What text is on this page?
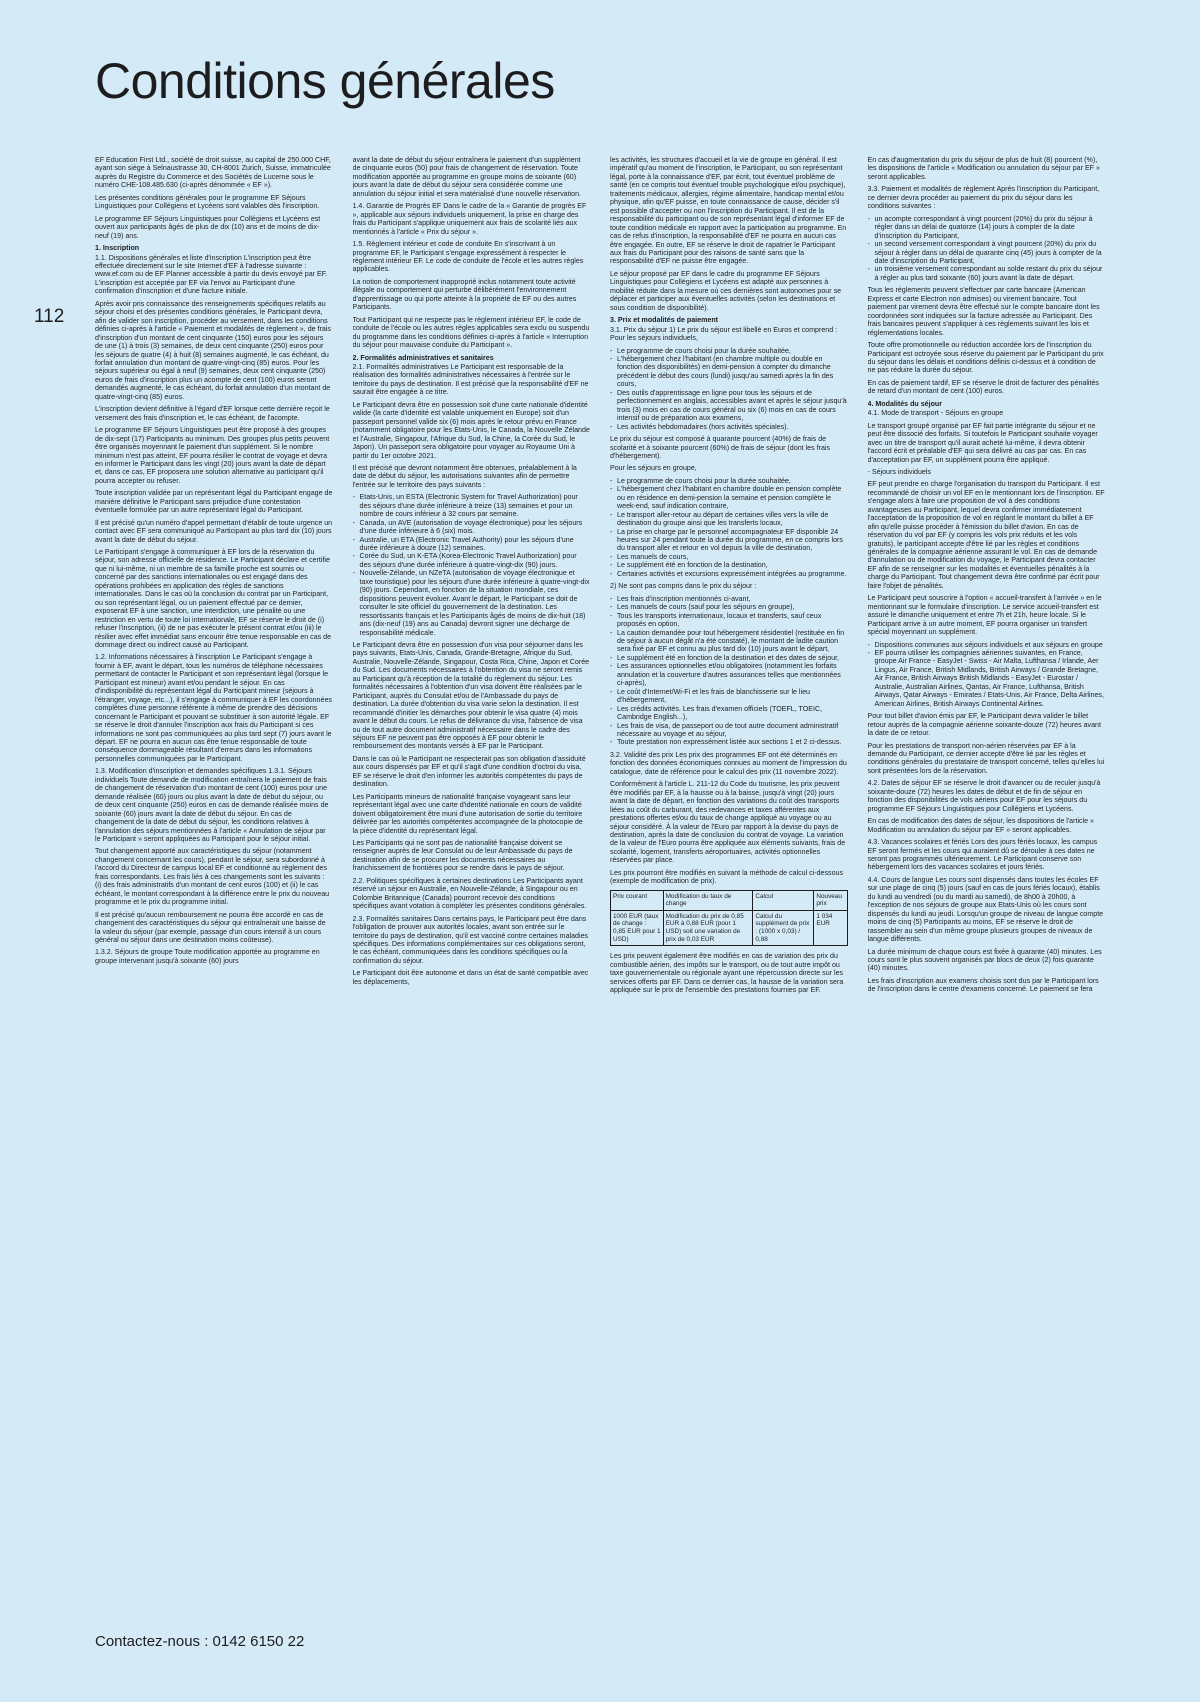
Conditions générales
112

EF Education First Ltd., société de droit suisse, au capital de 250.000 CHF, ayant son siège à Selnaustrasse 30, CH-8001 Zurich, Suisse, immatriculée auprès du Registre du Commerce et des Sociétés de Lucerne sous le numéro CHE-108.485.630 (ci-après dénommée « EF »).

Les présentes conditions générales pour le programme EF Séjours Linguistiques pour Collégiens et Lycéens sont valables dès l'inscription.

Le programme EF Séjours Linguistiques pour Collégiens et Lycéens est ouvert aux participants âgés de plus de dix (10) ans et de moins de dix-neuf (19) ans.

1. Inscription

1.1. Dispositions générales et liste d'inscription L'inscription peut être effectuée directement sur le site Internet d'EF à l'adresse suivante : www.ef.com ou de EF Planner accessible à partir du devis envoyé par EF. L'inscription est acceptée par EF via l'envoi au Participant d'une confirmation d'inscription et d'une facture initiale.

Après avoir pris connaissance des renseignements spécifiques relatifs au séjour choisi et des présentes conditions générales, le Participant devra, afin de valider son inscription, procéder au versement, dans les conditions définies ci-après à l'article « Paiement et modalités de règlement », de frais d'inscription d'un montant de cent cinquante (150) euros pour les séjours de une (1) à trois (3) semaines, de deux cent cinquante (250) euros pour les séjours de quatre (4) à huit (8) semaines augmenté, le cas échéant, du forfait annulation d'un montant de quatre-vingt-cinq (85) euros. Pour les séjours supérieur ou égal à neuf (9) semaines, deux cent cinquante (250) euros de frais d'inscription plus un acompte de cent (100) euros seront demandés augmenté, le cas échéant, du forfait annulation d'un montant de quatre-vingt-cinq (85) euros.

L'inscription devient définitive à l'égard d'EF lorsque cette dernière reçoit le versement des frais d'inscription et, le cas échéant, de l'acompte.

Le programme EF Séjours Linguistiques peut être proposé à des groupes de dix-sept (17) Participants au minimum. Des groupes plus petits peuvent être organisés moyennant le paiement d'un supplément. Si le nombre minimum n'est pas atteint, EF pourra résilier le contrat de voyage et devra en informer le Participant dans les vingt (20) jours avant la date de départ et, dans ce cas, EF proposera une solution alternative au participant qu'il pourra accepter ou refuser.

Toute inscription validée par un représentant légal du Participant engage de manière définitive le Participant sans préjudice d'une contestation éventuelle formulée par un autre représentant légal du Participant.

Il est précisé qu'un numéro d'appel permettant d'établir de toute urgence un contact avec EF sera communiqué au Participant au plus tard dix (10) jours avant la date de début du séjour.

Le Participant s'engage à communiquer à EF lors de la réservation du séjour, son adresse officielle de résidence. Le Participant déclare et certifie que ni lui-même, ni un membre de sa famille proche est soumis ou concerné par des sanctions internationales ou est engagé dans des opérations prohibées en application des règles de sanctions internationales. Dans le cas où la conclusion du contrat par un Participant, ou son représentant légal, ou un paiement effectué par ce dernier, exposerait EF à une sanction, une interdiction, une pénalité ou une restriction en vertu de toute loi internationale, EF se réserve le droit de (i) refuser l'inscription, (ii) de ne pas exécuter le présent contrat et/ou (iii) le résilier avec effet immédiat sans encourir être tenue responsable en cas de dommage direct ou indirect causé au Participant.

1.2. Informations nécessaires à l'inscription Le Participant s'engage à fournir à EF, avant le départ, tous les numéros de téléphone nécessaires permettant de contacter le Participant et son représentant légal (lorsque le Participant est mineur) avant et/ou pendant le séjour. En cas d'indisponibilité du représentant légal du Participant mineur (séjours à l'étranger, voyage, etc...), il s'engage à communiquer à EF les coordonnées complètes d'une personne référente à même de prendre des décisions concernant le Participant et pouvant se substituer à son autorité légale. EF se réserve le droit d'annuler l'inscription aux frais du Participant si ces informations ne sont pas communiquées au plus tard sept (7) jours avant le départ. EF ne pourra en aucun cas être tenue responsable de toute conséquence dommageable résultant d'erreurs dans les informations personnelles communiquées par le Participant.

1.3. Modification d'inscription et demandes spécifiques 1.3.1. Séjours individuels Toute demande de modification entraînera le paiement de frais de changement de réservation d'un montant de cent (100) euros pour une demande réalisée (60) jours ou plus avant la date de début du séjour, ou de deux cent cinquante (250) euros en cas de demande réalisée moins de soixante (60) jours avant la date de début du séjour. En cas de changement de la date de début du séjour, les conditions relatives à l'annulation des séjours mentionnées à l'article « Annulation de séjour par le Participant » seront appliquées au Participant pour le séjour initial.

Tout changement apporté aux caractéristiques du séjour (notamment changement concernant les cours), pendant le séjour, sera subordonné à l'accord du Directeur de campus local EF et conditionné au règlement des frais correspondants. Les frais liés à ces changements sont les suivants : (i) des frais administratifs d'un montant de cent euros (100) et (ii) le cas échéant, le montant correspondant à la différence entre le prix du nouveau programme et le prix du programme initial.

Il est précisé qu'aucun remboursement ne pourra être accordé en cas de changement des caractéristiques du séjour qui entraînerait une baisse de la valeur du séjour (par exemple, passage d'un cours intensif à un cours général ou séjour dans une destination moins coûteuse).

1.3.2. Séjours de groupe Toute modification apportée au programme en groupe intervenant jusqu'à soixante (60) jours

avant la date de début du séjour entraînera le paiement d'un supplément de cinquante euros (50) pour frais de changement de réservation. Toute modification apportée au programme en groupe moins de soixante (60) jours avant la date de début du séjour sera considérée comme une annulation du séjour initial et sera matérialisé d'une nouvelle réservation.

1.4. Garantie de Progrès EF Dans le cadre de la « Garantie de progrès EF », applicable aux séjours individuels uniquement, la prise en charge des frais du Participant s'applique uniquement aux frais de scolarité liés aux mentionnés à l'article « Prix du séjour ».

1.5. Règlement intérieur et code de conduite En s'inscrivant à un programme EF, le Participant s'engage expressément à respecter le règlement intérieur EF. Le code de conduite de l'école et les autres règles applicables.

La notion de comportement inapproprié inclus notamment toute activité illégale ou comportement qui perturbe délibérément l'environnement d'apprentissage ou qui porte atteinte à la propriété de EF ou des autres Participants.

Tout Participant qui ne respecte pas le règlement intérieur EF, le code de conduite de l'école ou les autres règles applicables sera exclu ou suspendu du programme dans les conditions définies ci-après à l'article « Interruption du séjour pour mauvaise conduite du Participant ».

2. Formalités administratives et sanitaires

2.1. Formalités administratives Le Participant est responsable de la réalisation des formalités administratives nécessaires à l'entrée sur le territoire du pays de destination. Il est précisé que la responsabilité d'EF ne saurait être engagée à ce titre.

Le Participant devra être en possession soit d'une carte nationale d'identité valide (la carte d'identité est valable uniquement en Europe) soit d'un passeport personnel valide six (6) mois après le retour prévu en France (notamment obligatoire pour les Etats-Unis, le Canada, la Nouvelle Zélande et l'Australie, Singapour, l'Afrique du Sud, la Chine, la Corée du Sud, le Japon). Un passeport sera obligatoire pour voyager au Royaume Uni à partir du 1er octobre 2021.

Il est précisé que devront notamment être obtenues, préalablement à la date de début du séjour, les autorisations suivantes afin de permettre l'entrée sur le territoire des pays suivants :

- Etats-Unis, un ESTA (Electronic System for Travel Authorization) pour des séjours d'une durée inférieure à treize (13) semaines et pour un nombre de cours inférieur à 32 cours par semaine.
- Canada, un AVE (autorisation de voyage électronique) pour les séjours d'une durée inférieure à 6 (six) mois.
- Australie, un ETA (Electronic Travel Authority) pour les séjours d'une durée inférieure à douze (12) semaines.
- Corée du Sud, un K-ETA (Korea-Electronic Travel Authorization) pour des séjours d'une durée inférieure à quatre-vingt-dix (90) jours.
- Nouvelle-Zélande, un NZeTA (autorisation de voyage électronique et taxe touristique) pour les séjours d'une durée inférieure à quatre-vingt-dix (90) jours. Cependant, en fonction de la situation mondiale, ces dispositions peuvent évoluer. Avant le départ, le Participant se doit de consulter le site officiel du gouvernement de la destination. Les ressortissants français et les Participants âgés de moins de dix-huit (18) ans (dix-neuf (19) ans au Canada) devront signer une décharge de responsabilité médicale.

Le Participant devra être en possession d'un visa pour séjourner dans les pays suivants, Etats-Unis, Canada, Grande-Bretagne, Afrique du Sud, Australie, Nouvelle-Zélande, Singapour, Costa Rica, Chine, Japon et Corée du Sud. Les documents nécessaires à l'obtention du visa ne seront remis au Participant qu'à réception de la totalité du règlement du séjour. Les formalités nécessaires à l'obtention d'un visa doivent être réalisées par le Participant, auprès du Consulat et/ou de l'Ambassade du pays de destination. La durée d'obtention du visa varie selon la destination. Il est recommandé d'initier les démarches pour obtenir le visa quatre (4) mois avant le début du cours. Le refus de délivrance du visa, l'absence de visa ou de tout autre document administratif nécessaire dans le cadre des séjours EF ne peuvent pas être opposés à EF pour obtenir le remboursement des montants versés à EF par le Participant.

Dans le cas où le Participant ne respecterait pas son obligation d'assiduité aux cours dispensés par EF et qu'il s'agit d'une condition d'octroi du visa, EF se réserve le droit d'en informer les autorités compétentes du pays de destination.

Les Participants mineurs de nationalité française voyageant sans leur représentant légal avec une carte d'identité nationale en cours de validité doivent obligatoirement être muni d'une autorisation de sortie du territoire délivrée par les autorités compétentes accompagnée de la photocopie de la pièce d'identité du représentant légal.

Les Participants qui ne sont pas de nationalité française doivent se renseigner auprès de leur Consulat ou de leur Ambassade du pays de destination afin de se procurer les documents nécessaires au franchissement de frontières pour se rendre dans le pays de séjour.

2.2. Politiques spécifiques à certaines destinations Les Participants ayant réservé un séjour en Australie, en Nouvelle-Zélande, à Singapour ou en Colombie Britannique (Canada) pourront recevoir des conditions spécifiques avant votation à compléter les présentes conditions générales.

2.3. Formalités sanitaires Dans certains pays, le Participant peut être dans l'obligation de prouver aux autorités locales, avant son entrée sur le territoire du pays de destination, qu'il est vacciné contre certaines maladies spécifiques. Des informations complémentaires sur ces obligations seront, le cas échéant, communiquées dans les conditions spécifiques ou la confirmation du séjour.

Le Participant doit être autonome et dans un état de santé compatible avec les déplacements,

les activités, les structures d'accueil et la vie de groupe en général. Il est impératif qu'au moment de l'inscription, le Participant, ou son représentant légal, porte à la connaissance d'EF, par écrit, tout éventuel problème de santé (en ce compris tout éventuel trouble psychologique et/ou psychique), traitements médicaux, allergies, régime alimentaire, handicap mental et/ou physique, afin qu'EF puisse, en toute connaissance de cause, décider s'il est possible d'accepter ou non l'inscription du Participant. Il est de la responsabilité du participant ou de son représentant légal d'informer EF de toute condition médicale en rapport avec la participation au programme. En cas de refus d'inscription, la responsabilité d'EF ne pourra en aucun cas être engagée. En outre, EF se réserve le droit de rapatrier le Participant aux frais du Participant pour des raisons de santé sans que la responsabilité d'EF ne puisse être engagée.

Le séjour proposé par EF dans le cadre du programme EF Séjours Linguistiques pour Collégiens et Lycéens est adapté aux personnes à mobilité réduite dans la mesure où ces dernières sont autonomes pour se déplacer et participer aux éventuelles activités (selon les destinations et sous condition de disponibilité).

3. Prix et modalités de paiement

3.1. Prix du séjour 1) Le prix du séjour est libellé en Euros et comprend : Pour les séjours individuels,

- Le programme de cours choisi pour la durée souhaitée,
- L'hébergement chez l'habitant (en chambre multiple ou double en fonction des disponibilités) en demi-pension à compter du dimanche précédent le début des cours (lundi) jusqu'au samedi après la fin des cours,
- Des outils d'apprentissage en ligne pour tous les séjours et de perfectionnement en anglais, accessibles avant et après le séjour jusqu'à trois (3) mois en cas de cours général ou six (6) mois en cas de cours intensif ou de préparation aux examens,
- Les activités hebdomadaires (hors activités spéciales).

Le prix du séjour est composé à quarante pourcent (40%) de frais de scolarité et à soixante pourcent (60%) de frais de séjour (dont les frais d'hébergement).

Pour les séjours en groupe,

- Le programme de cours choisi pour la durée souhaitée,
- L'hébergement chez l'habitant en chambre double en pension complète ou en résidence en demi-pension la semaine et pension complète le week-end, sauf indication contraire,
- Le transport aller-retour au départ de certaines villes vers la ville de destination du groupe ainsi que les transferts locaux,
- La prise en charge par le personnel accompagnateur EF disponible 24 heures sur 24 pendant toute la durée du programme, en ce compris lors du transport aller et retour en vol depuis la ville de destination,
- Les manuels de cours,
- Le supplément été en fonction de la destination,
- Certaines activités et excursions expressément intégrées au programme.

2) Ne sont pas compris dans le prix du séjour :

- Les frais d'inscription mentionnés ci-avant,
- Les manuels de cours (sauf pour les séjours en groupe),
- Tous les transports internationaux, locaux et transferts, sauf ceux proposés en option,
- La caution demandée pour tout hébergement résidentiel (restituée en fin de séjour à aucun dégât n'a été constaté), le montant de ladite caution sera fixé par EF et connu au plus tard dix (10) jours avant le départ,
- Le supplément été en fonction de la destination et des dates de séjour,
- Les assurances optionnelles et/ou obligatoires (notamment les forfaits annulation et la couverture d'autres assurances telles que mentionnées ci-après),
- Le coût d'Internet/Wi-Fi et les frais de blanchisserie sur le lieu d'hébergement,
- Les crédits activités. Les frais d'examen officiels (TOEFL, TOEIC, Cambridge English...),
- Les frais de visa, de passeport ou de tout autre document administratif nécessaire au voyage et au séjour,
- Toute prestation non expressément listée aux sections 1 et 2 ci-dessus.

3.2. Validité des prix Les prix des programmes EF ont été déterminés en fonction des données économiques connues au moment de l'impression du catalogue, date de référence pour le calcul des prix (11 novembre 2022).

Conformément à l'article L. 211-12 du Code du tourisme, les prix peuvent être modifiés par EF, à la hausse ou à la baisse, jusqu'à vingt (20) jours avant la date de départ, en fonction des variations du coût des transports liées au coût du carburant, des redevances et taxes afférentes aux prestations offertes et/ou du taux de change appliqué au voyage ou au séjour considéré. À la valeur de l'Euro par rapport à la devise du pays de destination, après la date de conclusion du contrat de voyage. La variation de la valeur de l'Euro pourra être appliquée aux éléments suivants, frais de scolarité, logement, transferts aéroportuaires, activités optionnelles réservées par place.

Les prix pourront être modifiés en suivant la méthode de calcul ci-dessous (exemple de modification de prix).

Prix courant	Modification du taux de change	Calcul	Nouveau prix
1000 EUR (taux de change : 0,85 EUR pour 1 USD)	Modification du prix de 0,85 EUR à 0,88 EUR (pour 1 USD) soit une variation de prix de 0,03 EUR	Calcul du supplément de prix : (1000 x 0,03) / 0,88	1 034 EUR

Les prix peuvent également être modifiés en cas de variation des prix du combustible aérien, des impôts sur le transport, ou de tout autre impôt ou taxe gouvernementale ou régionale ayant une répercussion directe sur les services offerts par EF. Dans ce dernier cas, la hausse de la variation sera appliquée sur le prix de l'ensemble des prestations fournies par EF.

En cas d'augmentation du prix du séjour de plus de huit (8) pourcent (%), les dispositions de l'article « Modification ou annulation du séjour par EF » seront applicables.

3.3. Paiement et modalités de règlement Après l'inscription du Participant, ce dernier devra procéder au paiement du prix du séjour dans les conditions suivantes :

- un acompte correspondant à vingt pourcent (20%) du prix du séjour à régler dans un délai de quatorze (14) jours à compter de la date d'inscription du Participant,
- un second versement correspondant à vingt pourcent (20%) du prix du séjour à régler dans un délai de quarante cinq (45) jours à compter de la date d'inscription du Participant,
- un troisième versement correspondant au solde restant du prix du séjour à régler au plus tard soixante (60) jours avant la date de départ.

Tous les règlements peuvent s'effectuer par carte bancaire (American Express et carte Electron non admises) ou virement bancaire. Tout paiement par virement devra être effectué sur le compte bancaire dont les coordonnées sont indiquées sur la facture adressée au Participant. Des frais bancaires peuvent s'appliquer à ces règlements suivant les lois et réglementations locales.

Toute offre promotionnelle ou réduction accordée lors de l'inscription du Participant est octroyée sous réserve du paiement par le Participant du prix du séjour dans les délais et conditions définis ci-dessus et à condition de ne pas réduire la durée du séjour.

En cas de paiement tardif, EF se réserve le droit de facturer des pénalités de retard d'un montant de cent (100) euros.

4. Modalités du séjour

4.1. Mode de transport - Séjours en groupe

Le transport groupé organisé par EF fait partie intégrante du séjour et ne peut être dissocié des forfaits. Si toutefois le Participant souhaite voyager avec un titre de transport qu'il aurait acheté lui-même, il devra obtenir l'accord écrit et préalable d'EF qui sera délivré au cas par cas. En cas d'acceptation par EF, un supplément pourra être appliqué.

- Séjours individuels

EF peut prendre en charge l'organisation du transport du Participant. Il est recommandé de choisir un vol EF en le mentionnant lors de l'inscription. EF s'engage alors à faire une proposition de vol à des conditions avantageuses au Participant, lequel devra confirmer immédiatement l'acceptation de la proposition de vol en réglant le montant du billet à EF afin qu'elle puisse procéder à l'émission du billet d'avion. En cas de réservation du vol par EF (y compris les vols prix réduits et les vols gratuits), le participant accepte d'être lié par les règles et conditions générales de la compagnie aérienne assurant le vol. En cas de demande d'annulation ou de modification du voyage, le Participant devra contacter EF afin de se renseigner sur les modalités et éventuelles pénalités à la charge du Participant. Tout changement devra être confirmé par écrit pour faire l'objet de pénalités.

Le Participant peut souscrire à l'option « accueil-transfert à l'arrivée » en le mentionnant sur le formulaire d'inscription. Le service accueil-transfert est assuré le dimanche uniquement et entre 7h et 21h, heure locale. Si le Participant arrive à un autre moment, EF pourra organiser un transfert spécial moyennant un supplément.

- Dispositions communes aux séjours individuels et aux séjours en groupe
- EF pourra utiliser les compagnies aériennes suivantes, en France, groupe Air France - EasyJet - Swiss - Air Malta, Lufthansa / Irlande, Aer Lingus, Air France, British Midlands, British Airways / Grande Bretagne, Air France, British Airways British Midlands - EasyJet - Eurostar / Australie, Australian Airlines, Qantas, Air France, Lufthansa, British Airways, Qatar Airways - Emirates / Etats-Unis, Air France, Delta Airlines, American Airlines, British Airways Continental Airlines.

Pour tout billet d'avion émis par EF, le Participant devra valider le billet retour auprès de la compagnie aérienne soixante-douze (72) heures avant la date de ce retour.

Pour les prestations de transport non-aérien réservées par EF à la demande du Participant, ce dernier accepte d'être lié par les règles et conditions générales du prestataire de transport concerné, telles qu'elles lui sont présentées lors de la réservation.

4.2. Dates de séjour EF se réserve le droit d'avancer ou de reculer jusqu'à soixante-douze (72) heures les dates de début et de fin de séjour en fonction des disponibilités de vols aériens pour EF pour les séjours du programme EF Séjours Linguistiques pour Collégiens et Lycéens.

En cas de modification des dates de séjour, les dispositions de l'article « Modification ou annulation du séjour par EF » seront applicables.

4.3. Vacances scolaires et fériés Lors des jours fériés locaux, les campus EF seront fermés et les cours qui auraient dû se dérouler à ces dates ne seront pas programmés ultérieurement. Le Participant conserve son hébergement lors des vacances scolaires et jours fériés.

4.4. Cours de langue Les cours sont dispensés dans toutes les écoles EF sur une plage de cinq (5) jours (sauf en cas de jours fériés locaux), établis du lundi au vendredi (ou du mardi au samedi), de 8h00 à 20h00, à l'exception de nos séjours de groupe aux Etats-Unis où les cours sont dispensés du lundi au jeudi. Lorsqu'un groupe de niveau de langue compte moins de cinq (5) Participants au moins, EF se réserve le droit de rassembler au sein d'un même groupe plusieurs groupes de niveaux de langue différents.

La durée minimum de chaque cours est fixée à quarante (40) minutes. Les cours sont le plus souvent organisés par blocs de deux (2) fois quarante (40) minutes.

Les frais d'inscription aux examens choisis sont dus par le Participant lors de l'inscription dans le centre d'examens concerné. Le paiement se fera

Contactez-nous : 0142 6150 22
